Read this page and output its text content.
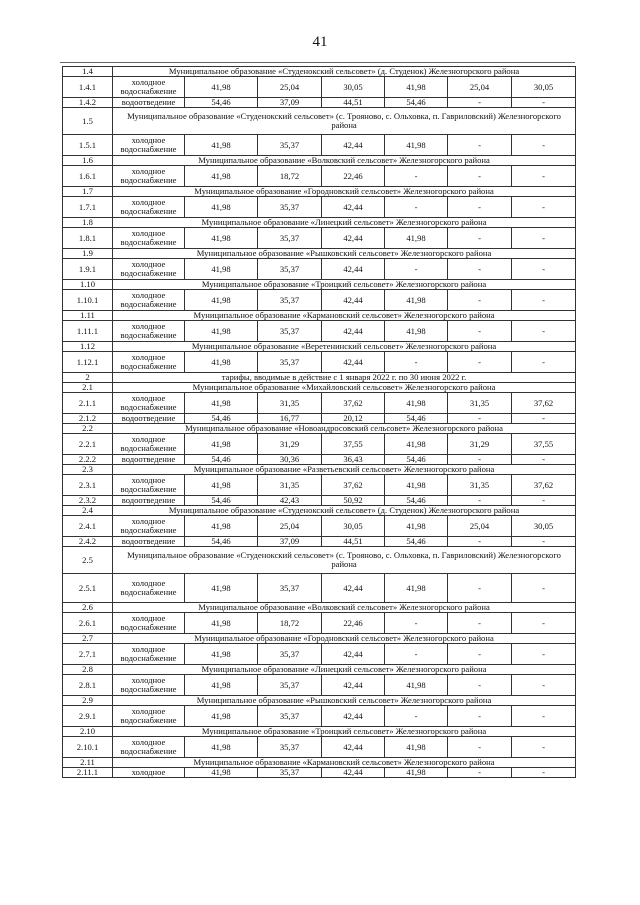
41
1.4	Муниципальное образование «Студенокский сельсовет» (д. Студенок) Железногорского района						
1.4.1	холодное водоснабжение	41,98	25,04	30,05	41,98	25,04	30,05
1.4.2	водоотведение	54,46	37,09	44,51	54,46	-	-
1.5	Муниципальное образование «Студенокский сельсовет» (с. Трояново, с. Ольховка, п. Гавриловский) Железногорского района						
1.5.1	холодное водоснабжение	41,98	35,37	42,44	41,98	-	-
1.6	Муниципальное образование «Волковский сельсовет» Железногорского района						
1.6.1	холодное водоснабжение	41,98	18,72	22,46	-	-	-
1.7	Муниципальное образование «Городновский сельсовет» Железногорского района						
1.7.1	холодное водоснабжение	41,98	35,37	42,44	-	-	-
1.8	Муниципальное образование «Линецкий сельсовет» Железногорского района						
1.8.1	холодное водоснабжение	41,98	35,37	42,44	41,98	-	-
1.9	Муниципальное образование «Рышковский сельсовет» Железногорского района						
1.9.1	холодное водоснабжение	41,98	35,37	42,44	-	-	-
1.10	Муниципальное образование «Троицкий сельсовет» Железногорского района						
1.10.1	холодное водоснабжение	41,98	35,37	42,44	41,98	-	-
1.11	Муниципальное образование «Кармановский сельсовет» Железногорского района						
1.11.1	холодное водоснабжение	41,98	35,37	42,44	41,98	-	-
1.12	Муниципальное образование «Веретенинский сельсовет» Железногорского района						
1.12.1	холодное водоснабжение	41,98	35,37	42,44	-	-	-
2	тарифы, вводимые в действие с 1 января 2022 г. по 30 июня 2022 г.						
2.1	Муниципальное образование «Михайловский сельсовет» Железногорского района						
2.1.1	холодное водоснабжение	41,98	31,35	37,62	41,98	31,35	37,62
2.1.2	водоотведение	54,46	16,77	20,12	54,46	-	-
2.2	Муниципальное образование «Новоандросовский сельсовет» Железногорского района						
2.2.1	холодное водоснабжение	41,98	31,29	37,55	41,98	31,29	37,55
2.2.2	водоотведение	54,46	30,36	36,43	54,46	-	-
2.3	Муниципальное образование «Разветьевский сельсовет» Железногорского района						
2.3.1	холодное водоснабжение	41,98	31,35	37,62	41,98	31,35	37,62
2.3.2	водоотведение	54,46	42,43	50,92	54,46	-	-
2.4	Муниципальное образование «Студенокский сельсовет» (д. Студенок) Железногорского района						
2.4.1	холодное водоснабжение	41,98	25,04	30,05	41,98	25,04	30,05
2.4.2	водоотведение	54,46	37,09	44,51	54,46	-	-
2.5	Муниципальное образование «Студенокский сельсовет» (с. Трояново, с. Ольховка, п. Гавриловский) Железногорского района						
2.5.1	холодное водоснабжение	41,98	35,37	42,44	41,98	-	-
2.6	Муниципальное образование «Волковский сельсовет» Железногорского района						
2.6.1	холодное водоснабжение	41,98	18,72	22,46	-	-	-
2.7	Муниципальное образование «Городновский сельсовет» Железногорского района						
2.7.1	холодное водоснабжение	41,98	35,37	42,44	-	-	-
2.8	Муниципальное образование «Линецкий сельсовет» Железногорского района						
2.8.1	холодное водоснабжение	41,98	35,37	42,44	41,98	-	-
2.9	Муниципальное образование «Рышковский сельсовет» Железногорского района						
2.9.1	холодное водоснабжение	41,98	35,37	42,44	-	-	-
2.10	Муниципальное образование «Троицкий сельсовет» Железногорского района						
2.10.1	холодное водоснабжение	41,98	35,37	42,44	41,98	-	-
2.11	Муниципальное образование «Кармановский сельсовет» Железногорского района						
2.11.1	холодное	41,98	35,37	42,44	41,98	-	-
